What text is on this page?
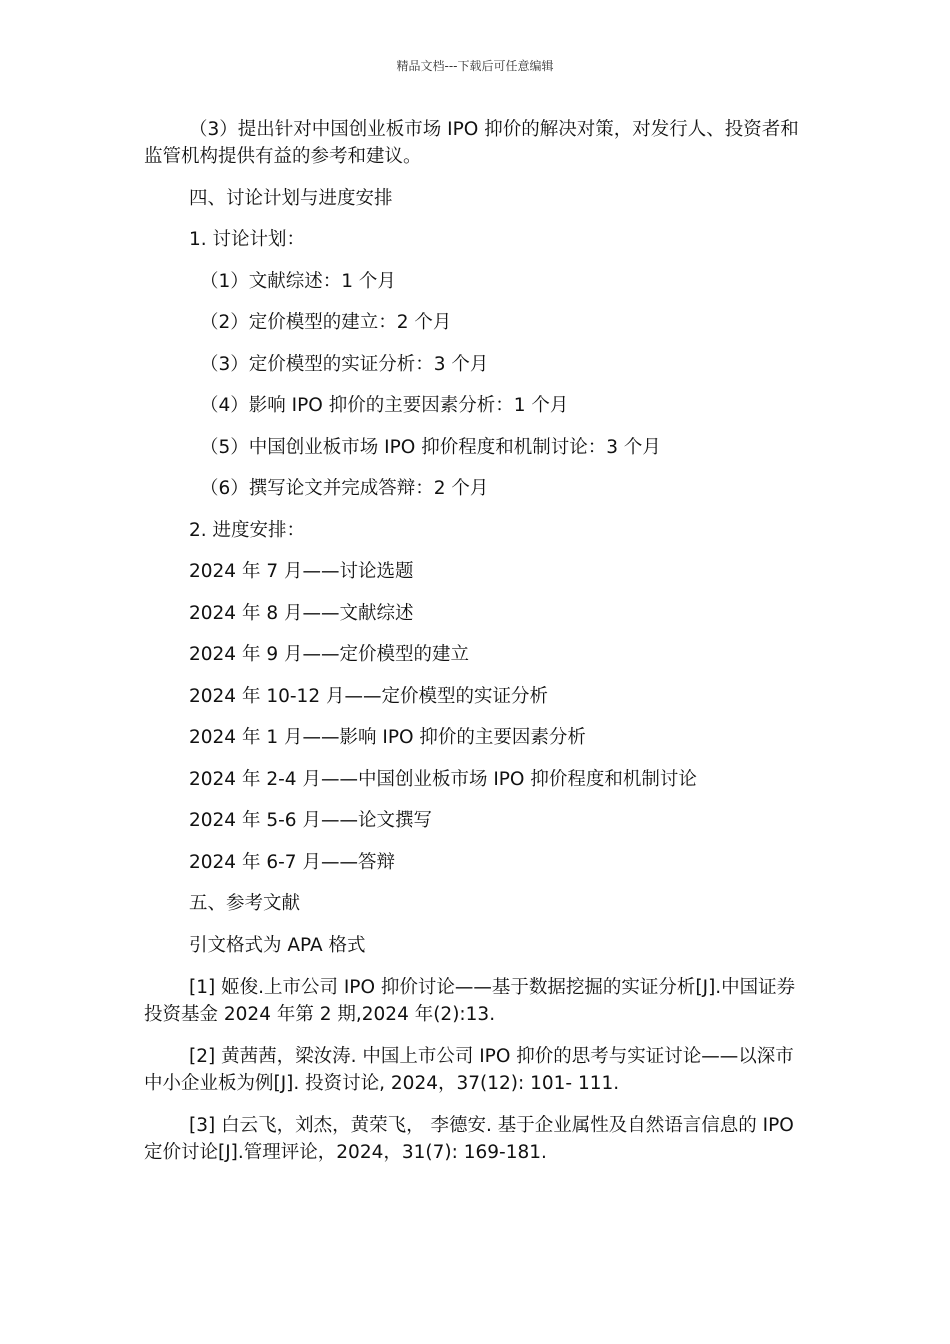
精品文档---下载后可任意编辑

（3）提出针对中国创业板市场 IPO 抑价的解决对策，对发行人、投资者和监管机构提供有益的参考和建议。

四、讨论计划与进度安排

1. 讨论计划：

（1）文献综述：1 个月

（2）定价模型的建立：2 个月

（3）定价模型的实证分析：3 个月

（4）影响 IPO 抑价的主要因素分析：1 个月

（5）中国创业板市场 IPO 抑价程度和机制讨论：3 个月

（6）撰写论文并完成答辩：2 个月

2. 进度安排：

2024 年 7 月——讨论选题

2024 年 8 月——文献综述

2024 年 9 月——定价模型的建立

2024 年 10-12 月——定价模型的实证分析

2024 年 1 月——影响 IPO 抑价的主要因素分析

2024 年 2-4 月——中国创业板市场 IPO 抑价程度和机制讨论

2024 年 5-6 月——论文撰写

2024 年 6-7 月——答辩

五、参考文献

引文格式为 APA 格式

[1] 姬俊.上市公司 IPO 抑价讨论——基于数据挖掘的实证分析[J].中国证券投资基金 2024 年第 2 期,2024 年(2):13.

[2] 黄茜茜，梁汝涛. 中国上市公司 IPO 抑价的思考与实证讨论——以深市中小企业板为例[J]. 投资讨论, 2024，37(12): 101- 111.

[3] 白云飞，刘杰，黄荣飞， 李德安. 基于企业属性及自然语言信息的 IPO 定价讨论[J].管理评论，2024，31(7): 169-181.
